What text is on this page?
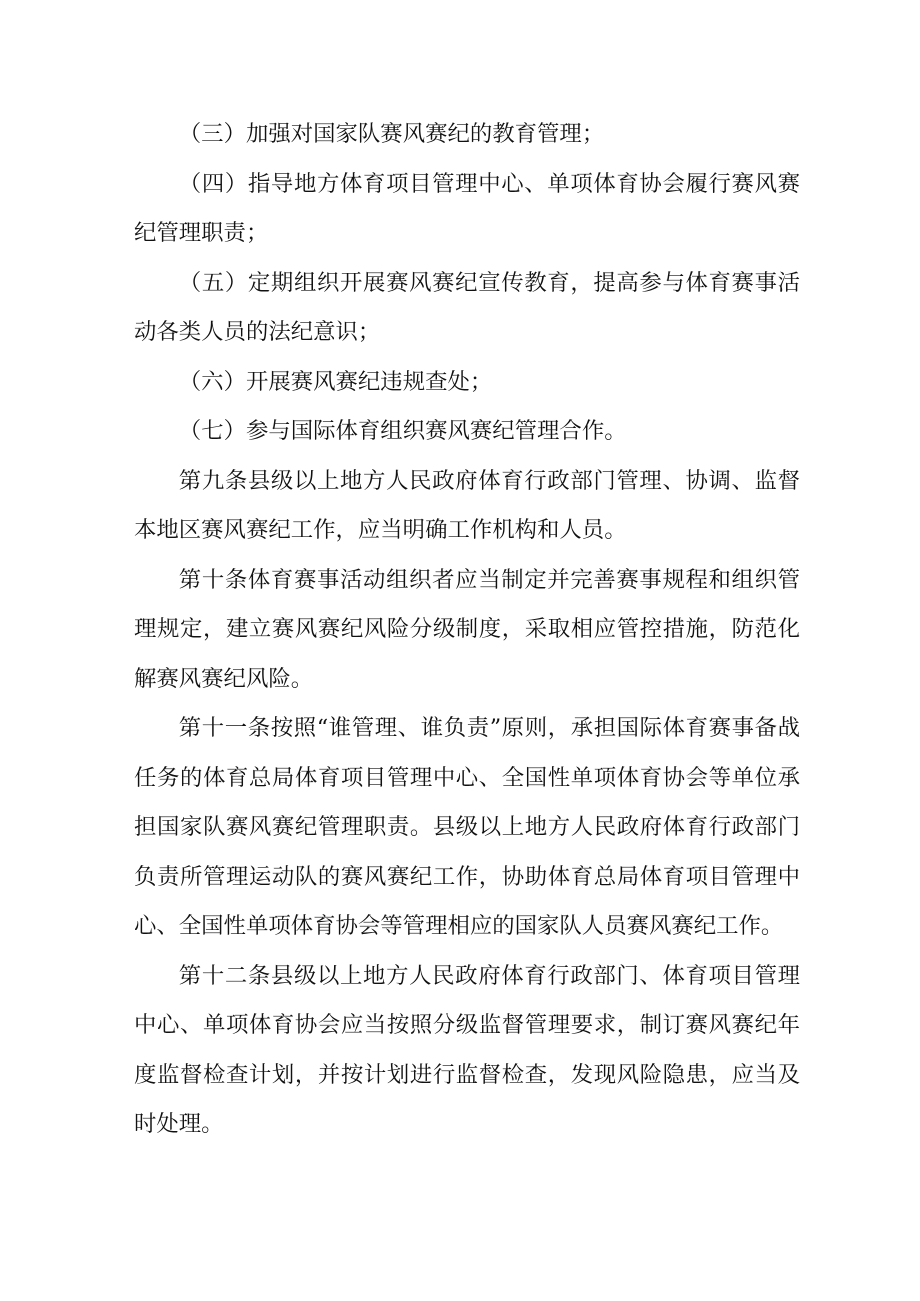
（三）加强对国家队赛风赛纪的教育管理；

（四）指导地方体育项目管理中心、单项体育协会履行赛风赛纪管理职责；

（五）定期组织开展赛风赛纪宣传教育，提高参与体育赛事活动各类人员的法纪意识；

（六）开展赛风赛纪违规查处；

（七）参与国际体育组织赛风赛纪管理合作。

第九条县级以上地方人民政府体育行政部门管理、协调、监督本地区赛风赛纪工作，应当明确工作机构和人员。

第十条体育赛事活动组织者应当制定并完善赛事规程和组织管理规定，建立赛风赛纪风险分级制度，采取相应管控措施，防范化解赛风赛纪风险。

第十一条按照“谁管理、谁负责”原则，承担国际体育赛事备战任务的体育总局体育项目管理中心、全国性单项体育协会等单位承担国家队赛风赛纪管理职责。县级以上地方人民政府体育行政部门负责所管理运动队的赛风赛纪工作，协助体育总局体育项目管理中心、全国性单项体育协会等管理相应的国家队人员赛风赛纪工作。

第十二条县级以上地方人民政府体育行政部门、体育项目管理中心、单项体育协会应当按照分级监督管理要求，制订赛风赛纪年度监督检查计划，并按计划进行监督检查，发现风险隐患，应当及时处理。
